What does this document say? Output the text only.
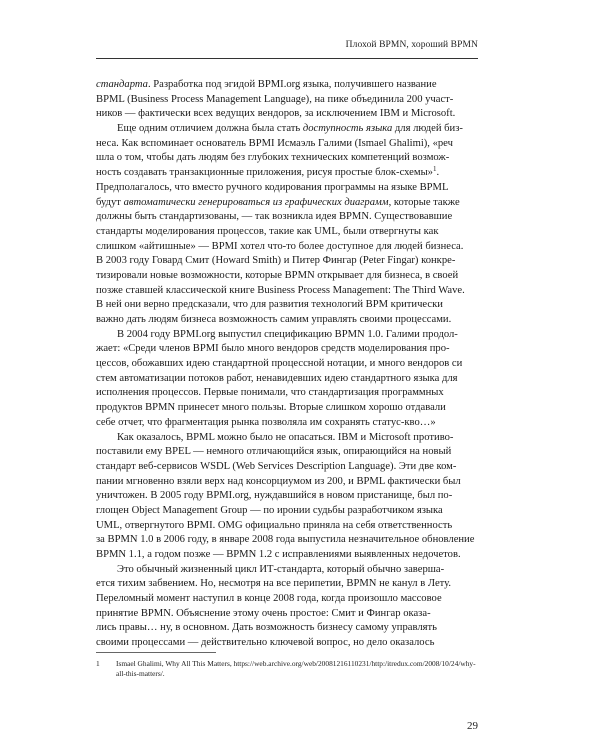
Плохой BPMN, хороший BPMN

стандарта. Разработка под эгидой BPMI.org языка, получившего название
BPML (Business Process Management Language), на пике объединила 200 участ-
ников — фактически всех ведущих вендоров, за исключением IBM и Microsoft.

Еще одним отличием должна была стать доступность языка для людей биз-
неса. Как вспоминает основатель BPMI Исмаэль Галими (Ismael Ghalimi), «реч
шла о том, чтобы дать людям без глубоких технических компетенций возмож-
ность создавать транзакционные приложения, рисуя простые блок-схемы»$^1$.
Предполагалось, что вместо ручного кодирования программы на языке BPML
будут автоматически генерироваться из графических диаграмм, которые также
должны быть стандартизованы, — так возникла идея BPMN. Существовавшие
стандарты моделирования процессов, такие как UML, были отвергнуты как
слишком «айтишные» — BPMI хотел что-то более доступное для людей бизнеса.
В 2003 году Говард Смит (Howard Smith) и Питер Фингар (Peter Fingar) конкре-
тизировали новые возможности, которые BPMN открывает для бизнеса, в своей
позже ставшей классической книге Business Process Management: The Third Wave.
В ней они верно предсказали, что для развития технологий BPM критически
важно дать людям бизнеса возможность самим управлять своими процессами.

В 2004 году BPMI.org выпустил спецификацию BPMN 1.0. Галими продол-
жает: «Среди членов BPMI было много вендоров средств моделирования про-
цессов, обожавших идею стандартной процессной нотации, и много вендоров си
стем автоматизации потоков работ, ненавидевших идею стандартного языка для
исполнения процессов. Первые понимали, что стандартизация программных
продуктов BPMN принесет много пользы. Вторые слишком хорошо отдавали
себе отчет, что фрагментация рынка позволяла им сохранять статус-кво…»

Как оказалось, BPML можно было не опасаться. IBM и Microsoft противо-
поставили ему BPEL — немного отличающийся язык, опирающийся на новый
стандарт веб-сервисов WSDL (Web Services Description Language). Эти две ком-
пании мгновенно взяли верх над консорциумом из 200, и BPML фактически был
уничтожен. В 2005 году BPMI.org, нуждавшийся в новом пристанище, был по-
глощен Object Management Group — по иронии судьбы разработчиком языка
UML, отвергнутого BPMI. OMG официально приняла на себя ответственность
за BPMN 1.0 в 2006 году, в январе 2008 года выпустила незначительное обновление
BPMN 1.1, а годом позже — BPMN 1.2 с исправлениями выявленных недочетов.

Это обычный жизненный цикл ИТ-стандарта, который обычно заверша-
ется тихим забвением. Но, несмотря на все перипетии, BPMN не канул в Лету.
Переломный момент наступил в конце 2008 года, когда произошло массовое
принятие BPMN. Объяснение этому очень простое: Смит и Фингар оказа-
лись правы… ну, в основном. Дать возможность бизнесу самому управлять
своими процессами — действительно ключевой вопрос, но дело оказалось

1 Ismael Ghalimi, Why All This Matters, https://web.archive.org/web/20081216110231/http:/itredux.com/2008/10/24/why-all-this-matters/.
29
